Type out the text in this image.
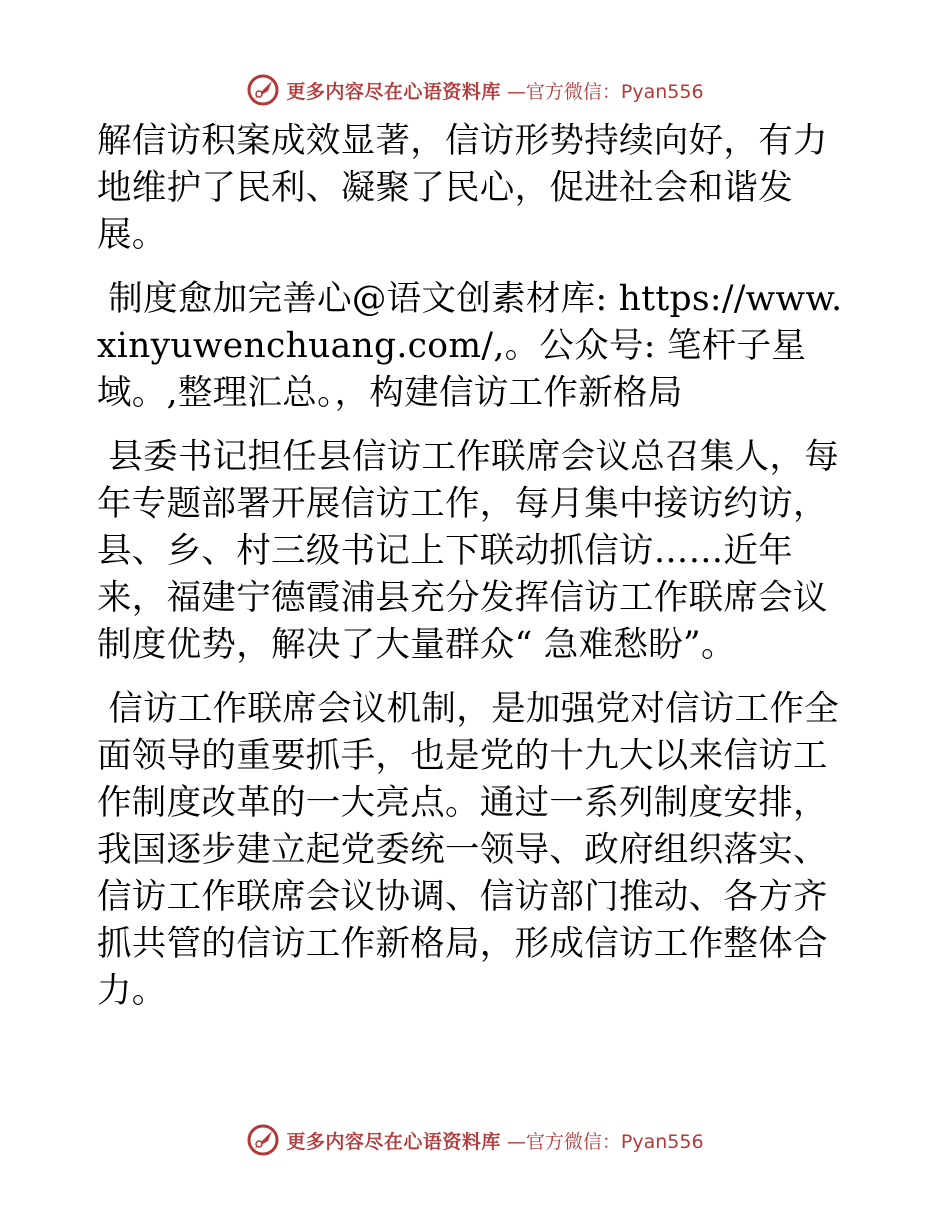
更多内容尽在心语资料库 —官方微信：Pyan556

解信访积案成效显著，信访形势持续向好，有力地维护了民利、凝聚了民心，促进社会和谐发展。

制度愈加完善心@语文创素材库: https://www.xinyuwenchuang.com/,。公众号: 笔杆子星域。,整理汇总。，构建信访工作新格局

县委书记担任县信访工作联席会议总召集人，每年专题部署开展信访工作，每月集中接访约访，县、乡、村三级书记上下联动抓信访……近年来，福建宁德霞浦县充分发挥信访工作联席会议制度优势，解决了大量群众“ 急难愁盼”。

信访工作联席会议机制，是加强党对信访工作全面领导的重要抓手，也是党的十九大以来信访工作制度改革的一大亮点。通过一系列制度安排，我国逐步建立起党委统一领导、政府组织落实、信访工作联席会议协调、信访部门推动、各方齐抓共管的信访工作新格局，形成信访工作整体合力。

更多内容尽在心语资料库 —官方微信：Pyan556
